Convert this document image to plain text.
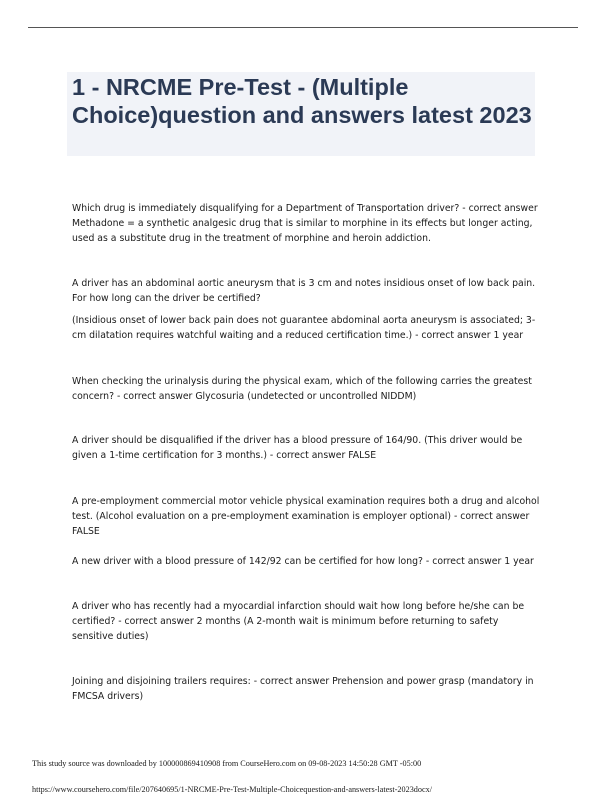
1 - NRCME Pre-Test - (Multiple Choice)question and answers latest 2023

Which drug is immediately disqualifying for a Department of Transportation driver? - correct answer Methadone = a synthetic analgesic drug that is similar to morphine in its effects but longer acting, used as a substitute drug in the treatment of morphine and heroin addiction.

A driver has an abdominal aortic aneurysm that is 3 cm and notes insidious onset of low back pain. For how long can the driver be certified?

(Insidious onset of lower back pain does not guarantee abdominal aorta aneurysm is associated; 3-cm dilatation requires watchful waiting and a reduced certification time.) - correct answer 1 year

When checking the urinalysis during the physical exam, which of the following carries the greatest concern? - correct answer Glycosuria (undetected or uncontrolled NIDDM)

A driver should be disqualified if the driver has a blood pressure of 164/90. (This driver would be given a 1-time certification for 3 months.) - correct answer FALSE

A pre-employment commercial motor vehicle physical examination requires both a drug and alcohol test. (Alcohol evaluation on a pre-employment examination is employer optional) - correct answer FALSE

A new driver with a blood pressure of 142/92 can be certified for how long? - correct answer 1 year

A driver who has recently had a myocardial infarction should wait how long before he/she can be certified? - correct answer 2 months (A 2-month wait is minimum before returning to safety sensitive duties)

Joining and disjoining trailers requires: - correct answer Prehension and power grasp (mandatory in FMCSA drivers)

This study source was downloaded by 100000869410908 from CourseHero.com on 09-08-2023 14:50:28 GMT -05:00

https://www.coursehero.com/file/207640695/1-NRCME-Pre-Test-Multiple-Choicequestion-and-answers-latest-2023docx/
